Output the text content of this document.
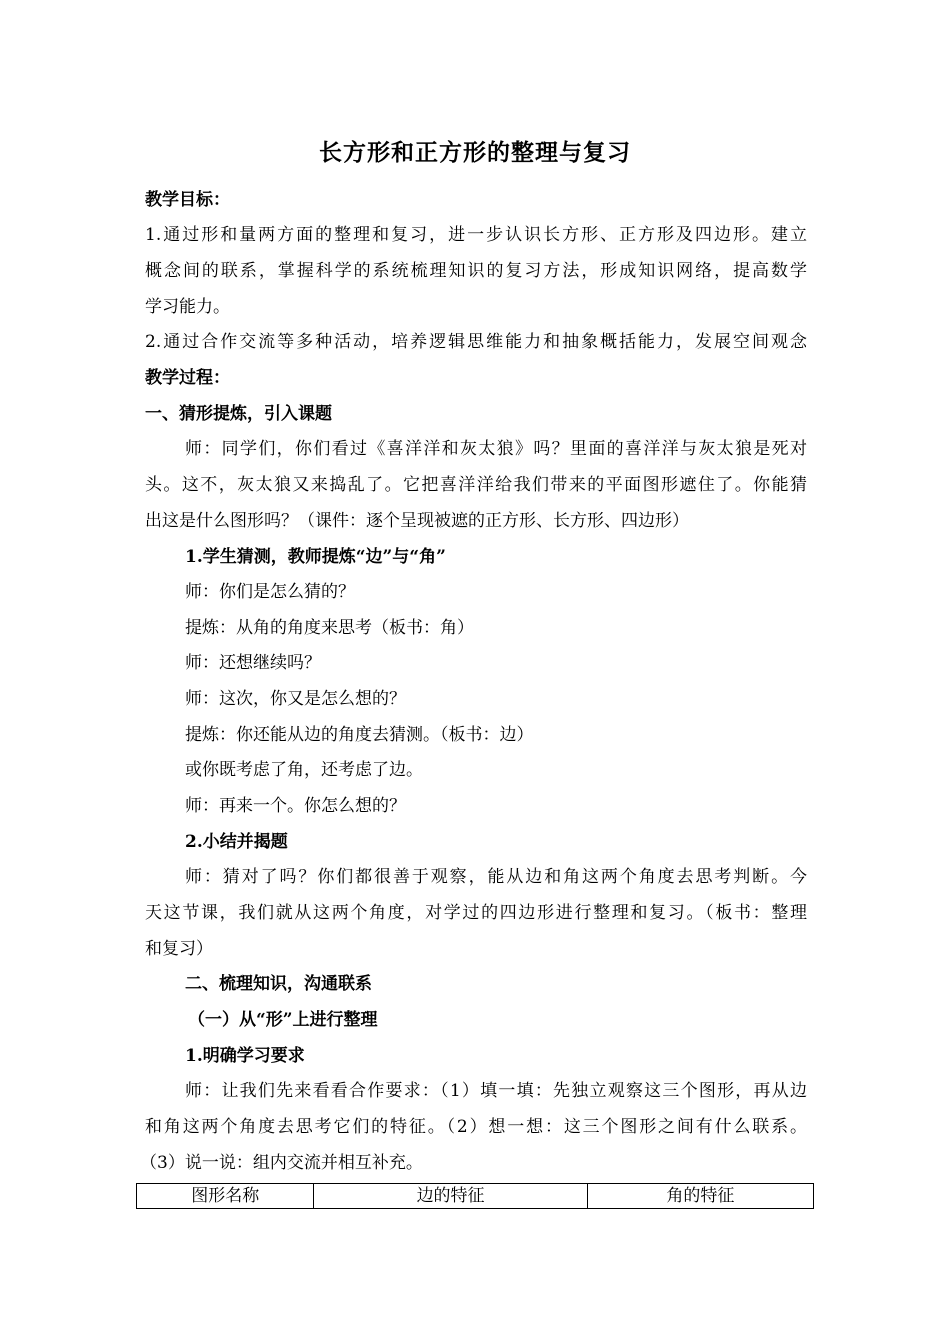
长方形和正方形的整理与复习
教学目标：
1.通过形和量两方面的整理和复习，进一步认识长方形、正方形及四边形。建立
概念间的联系，掌握科学的系统梳理知识的复习方法，形成知识网络，提高数学
学习能力。
2.通过合作交流等多种活动，培养逻辑思维能力和抽象概括能力，发展空间观念
教学过程：
一、猜形提炼，引入课题
师：同学们，你们看过《喜洋洋和灰太狼》吗？里面的喜洋洋与灰太狼是死对
头。这不，灰太狼又来捣乱了。它把喜洋洋给我们带来的平面图形遮住了。你能猜
出这是什么图形吗？（课件：逐个呈现被遮的正方形、长方形、四边形）
1.学生猜测，教师提炼“边”与“角”
师：你们是怎么猜的？
提炼：从角的角度来思考（板书：角）
师：还想继续吗？
师：这次，你又是怎么想的？
提炼：你还能从边的角度去猜测。（板书：边）
或你既考虑了角，还考虑了边。
师：再来一个。你怎么想的？
2.小结并揭题
师：猜对了吗？你们都很善于观察，能从边和角这两个角度去思考判断。今
天这节课，我们就从这两个角度，对学过的四边形进行整理和复习。（板书：整理
和复习）
二、梳理知识，沟通联系
（一）从“形”上进行整理
1.明确学习要求
师：让我们先来看看合作要求：（1）填一填：先独立观察这三个图形，再从边
和角这两个角度去思考它们的特征。（2）想一想：这三个图形之间有什么联系。
（3）说一说：组内交流并相互补充。
图形名称	边的特征	角的特征
